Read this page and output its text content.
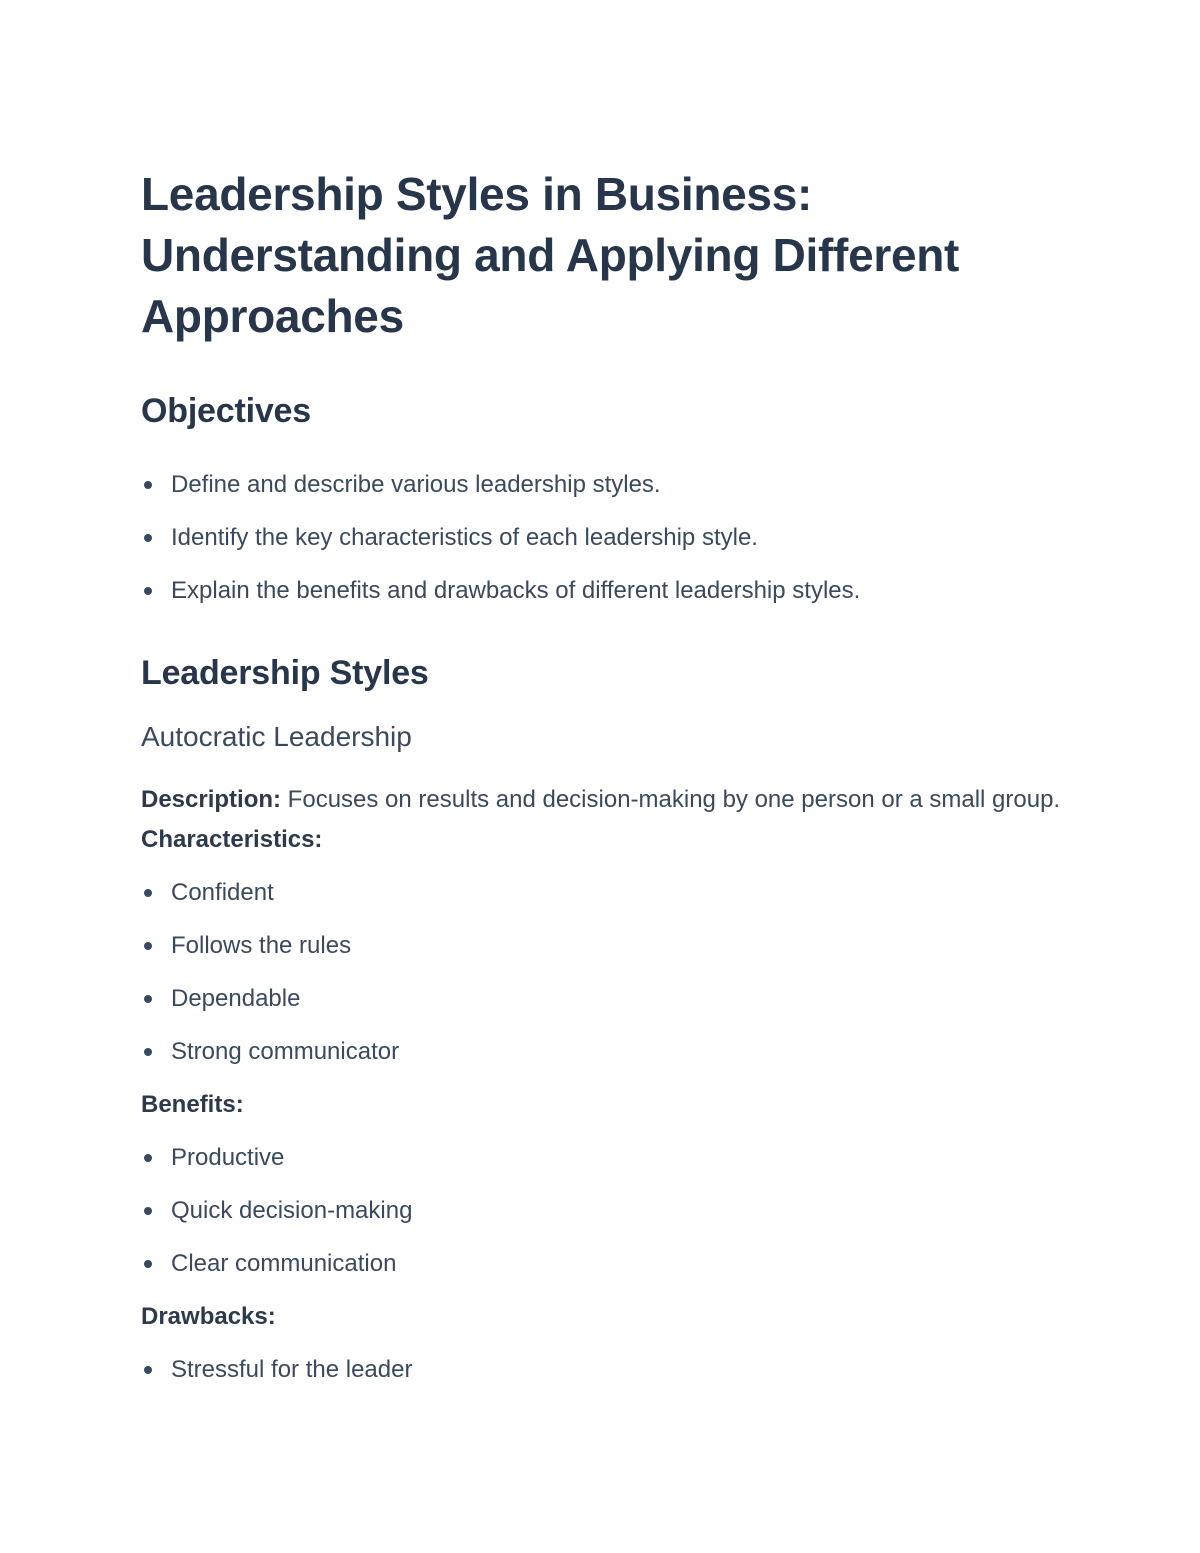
Leadership Styles in Business: Understanding and Applying Different Approaches
Objectives
Define and describe various leadership styles.
Identify the key characteristics of each leadership style.
Explain the benefits and drawbacks of different leadership styles.
Leadership Styles
Autocratic Leadership

Description: Focuses on results and decision-making by one person or a small group. Characteristics:

Confident
Follows the rules
Dependable
Strong communicator
Benefits:
Productive
Quick decision-making
Clear communication
Drawbacks:
Stressful for the leader
